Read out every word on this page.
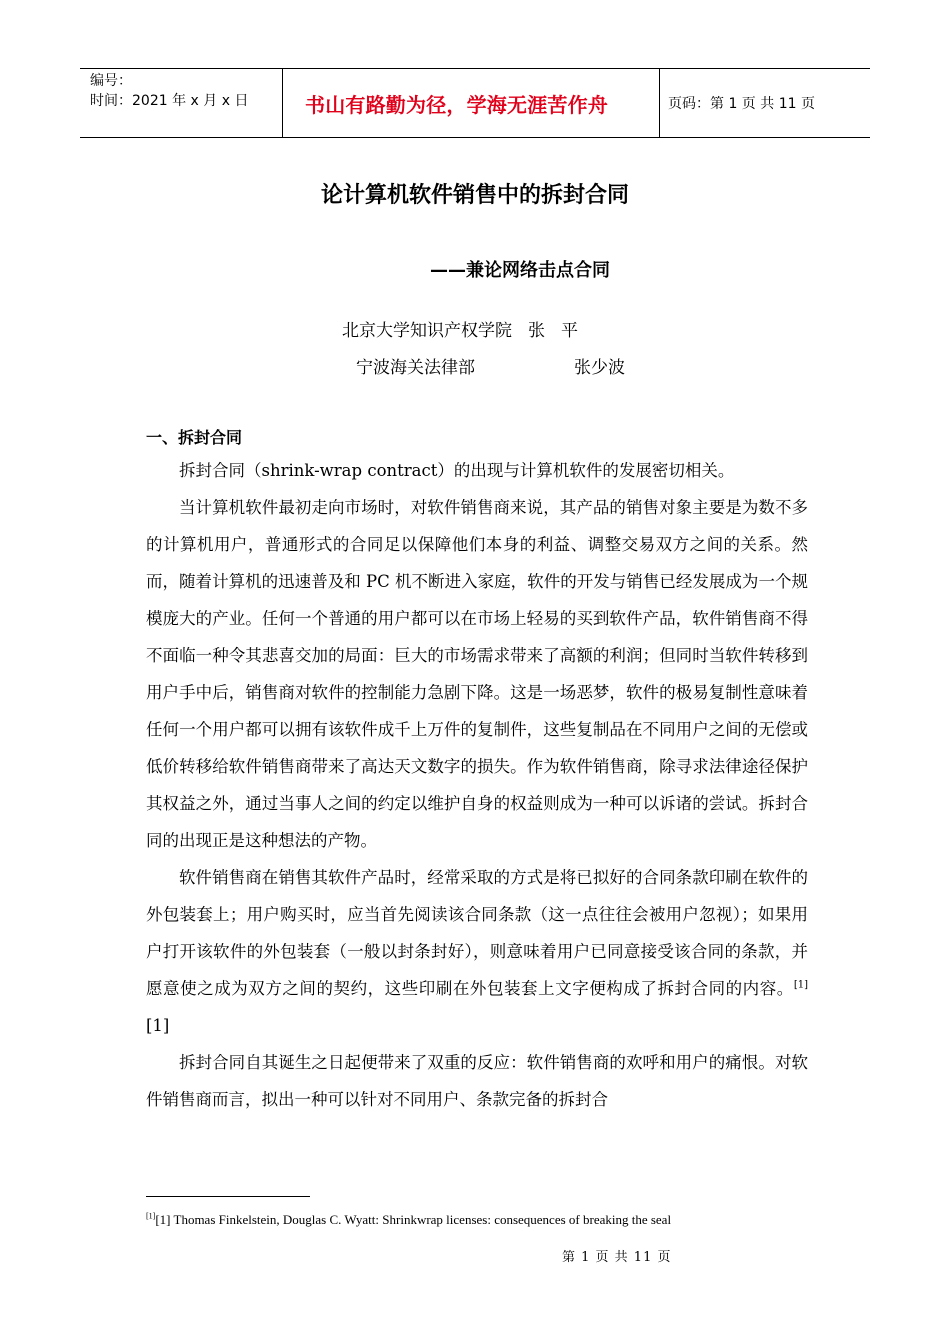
编号：
时间：2021 年 x 月 x 日	书山有路勤为径，学海无涯苦作舟	页码：第 1 页 共 11 页
论计算机软件销售中的拆封合同
——兼论网络击点合同
北京大学知识产权学院 张平
宁波海关法律部	张少波
一、拆封合同

拆封合同（shrink-wrap contract）的出现与计算机软件的发展密切相关。

当计算机软件最初走向市场时，对软件销售商来说，其产品的销售对象主要是为数不多的计算机用户，普通形式的合同足以保障他们本身的利益、调整交易双方之间的关系。然而，随着计算机的迅速普及和 PC 机不断进入家庭，软件的开发与销售已经发展成为一个规模庞大的产业。任何一个普通的用户都可以在市场上轻易的买到软件产品，软件销售商不得不面临一种令其悲喜交加的局面：巨大的市场需求带来了高额的利润；但同时当软件转移到用户手中后，销售商对软件的控制能力急剧下降。这是一场恶梦，软件的极易复制性意味着任何一个用户都可以拥有该软件成千上万件的复制件，这些复制品在不同用户之间的无偿或低价转移给软件销售商带来了高达天文数字的损失。作为软件销售商，除寻求法律途径保护其权益之外，通过当事人之间的约定以维护自身的权益则成为一种可以诉诸的尝试。拆封合同的出现正是这种想法的产物。

软件销售商在销售其软件产品时，经常采取的方式是将已拟好的合同条款印刷在软件的外包装套上；用户购买时，应当首先阅读该合同条款（这一点往往会被用户忽视）；如果用户打开该软件的外包装套（一般以封条封好），则意味着用户已同意接受该合同的条款，并愿意使之成为双方之间的契约，这些印刷在外包装套上文字便构成了拆封合同的内容。[1][1]

拆封合同自其诞生之日起便带来了双重的反应：软件销售商的欢呼和用户的痛恨。对软件销售商而言，拟出一种可以针对不同用户、条款完备的拆封合

[1][1] Thomas Finkelstein, Douglas C. Wyatt: Shrinkwrap licenses: consequences of breaking the seal
第 1 页 共 11 页
